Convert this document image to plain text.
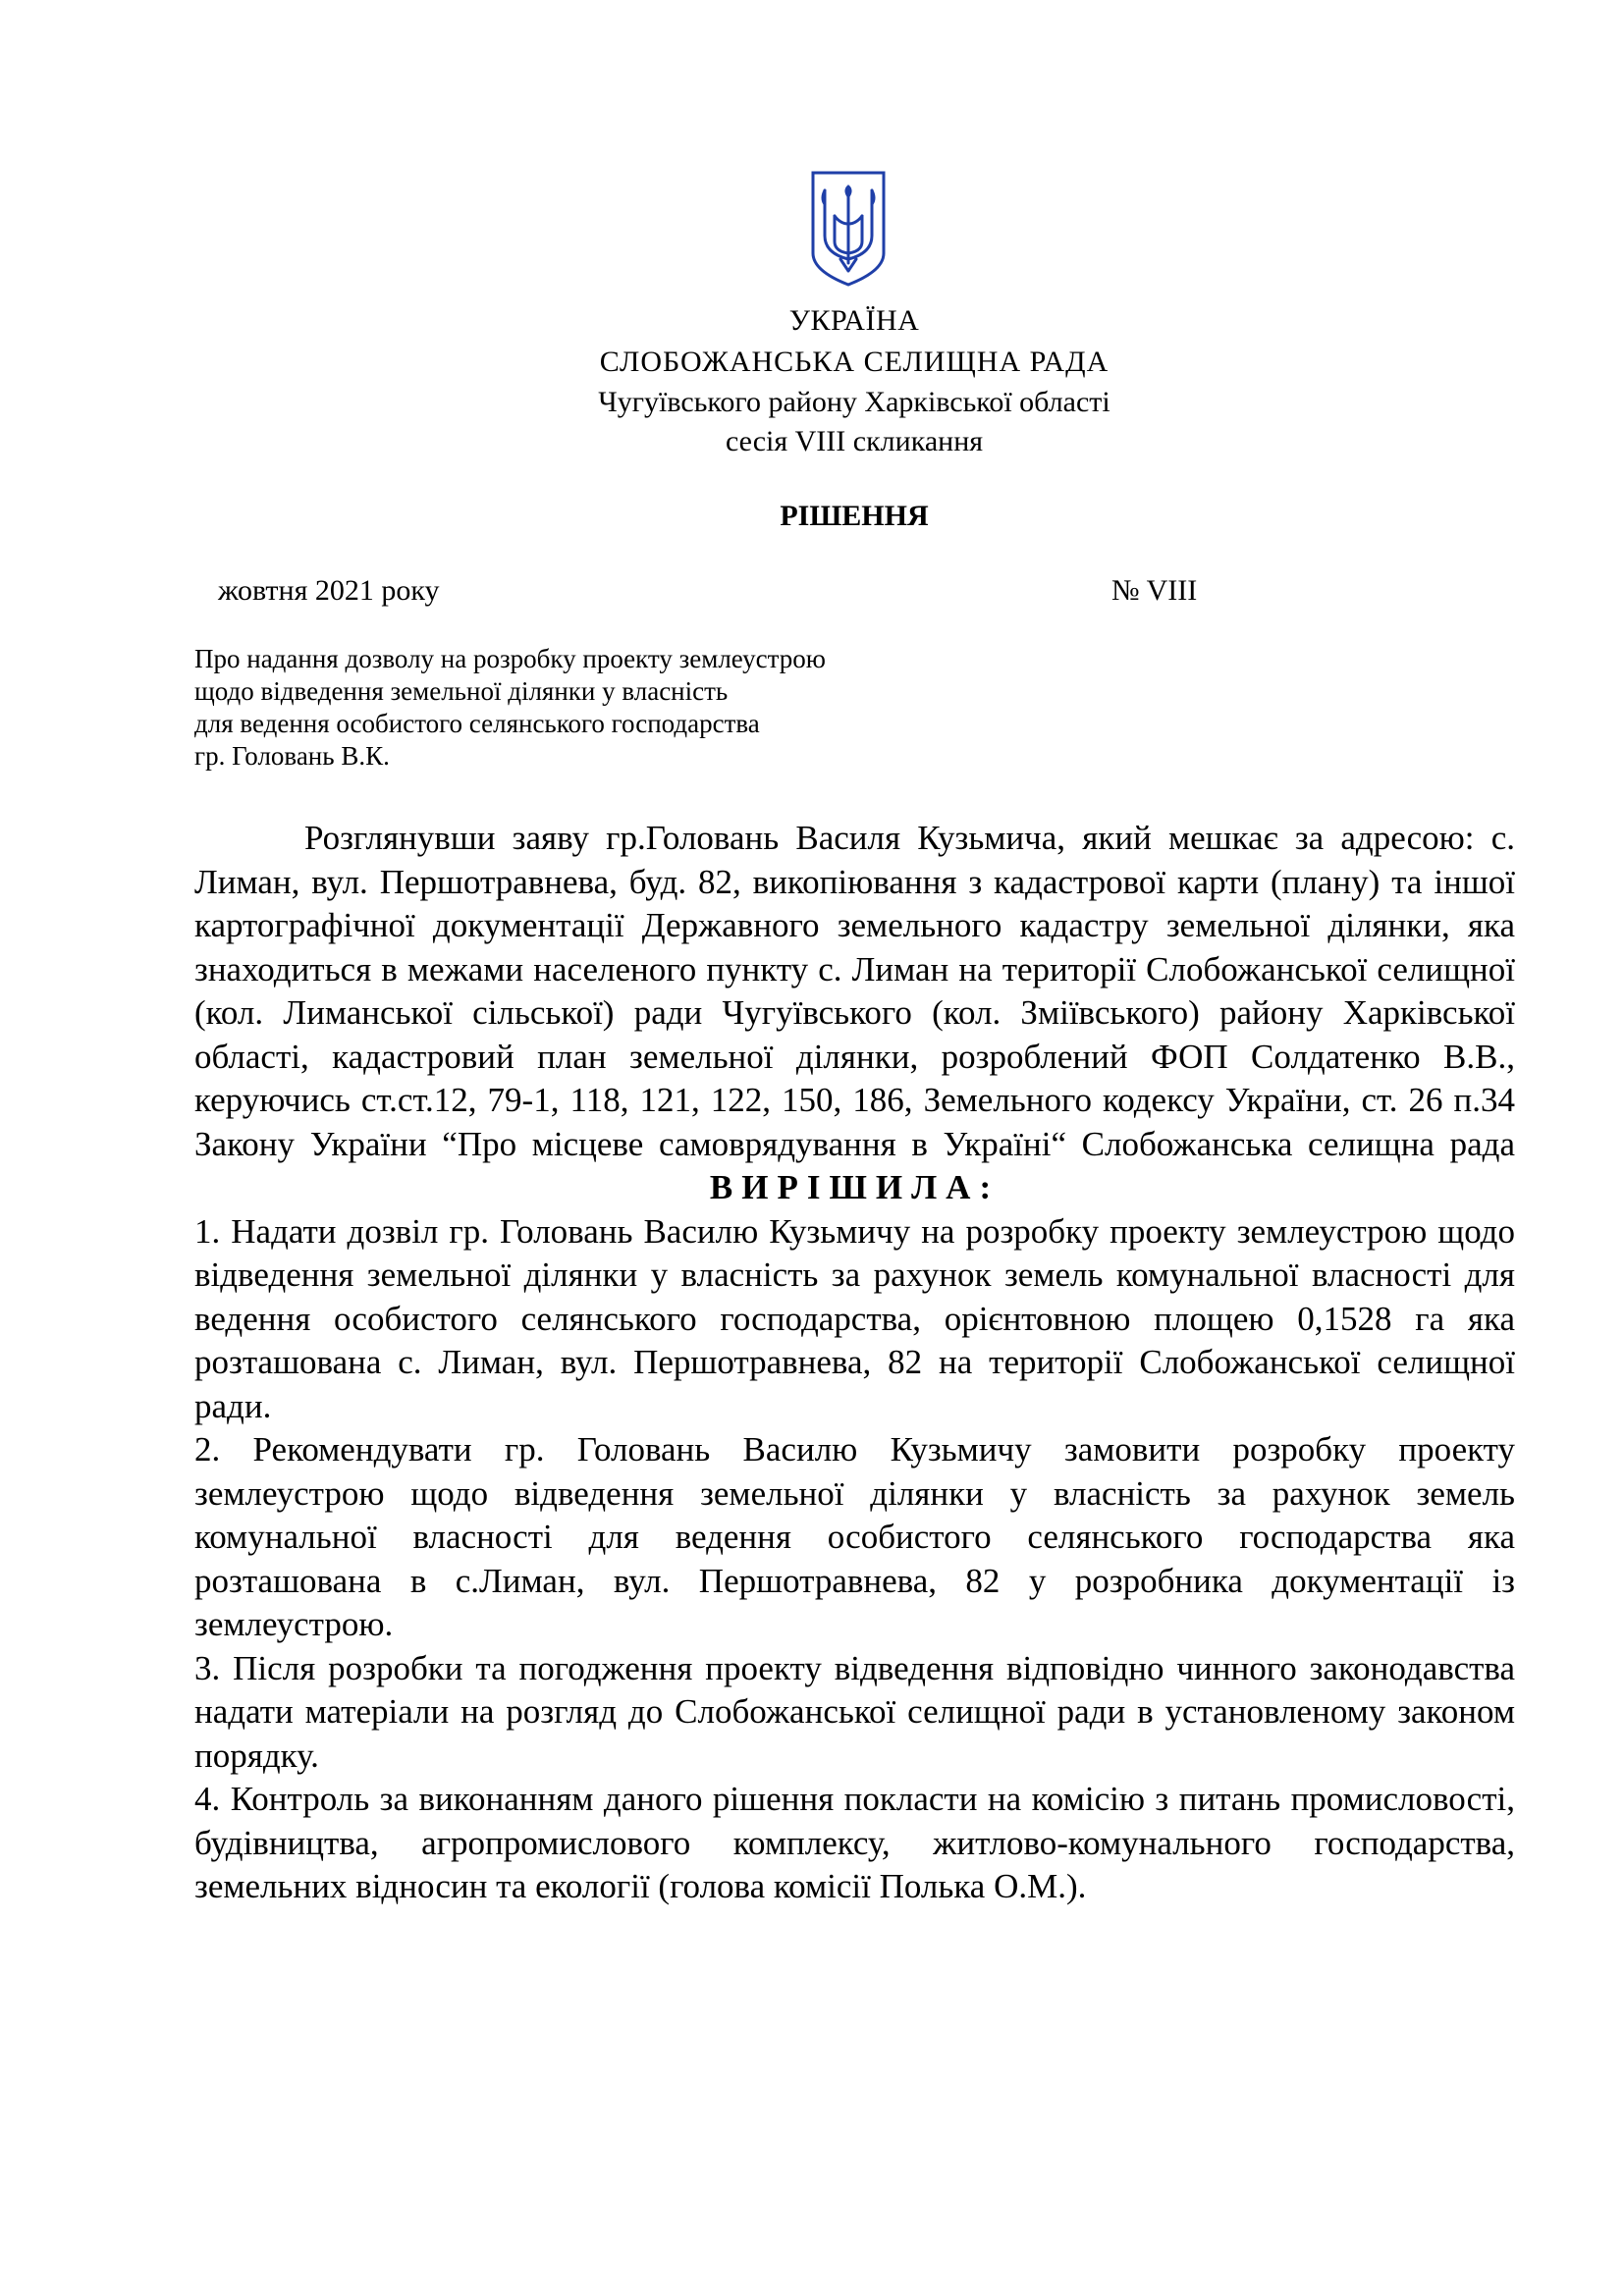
УКРАЇНА
СЛОБОЖАНСЬКА СЕЛИЩНА РАДА
Чугуївського району Харківської області
сесія VIII скликання
РІШЕННЯ
жовтня 2021 року	№ VIII
Про надання дозволу на розробку проекту землеустрою
щодо відведення земельної ділянки у власність
для ведення особистого селянського господарства
гр. Головань В.К.

Розглянувши заяву гр.Головань Василя Кузьмича, який мешкає за адресою: с. Лиман, вул. Першотравнева, буд. 82, викопіювання з кадастрової карти (плану) та іншої картографічної документації Державного земельного кадастру земельної ділянки, яка знаходиться в межами населеного пункту с. Лиман на території Слобожанської селищної (кол. Лиманської сільської) ради Чугуївського (кол. Зміївського) району Харківської області, кадастровий план земельної ділянки, розроблений ФОП Солдатенко В.В., керуючись ст.ст.12, 79-1, 118, 121, 122, 150, 186, Земельного кодексу України, ст. 26 п.34 Закону України “Про місцеве самоврядування в Україні“ Слобожанська селищна рада

ВИРІШИЛА:

1. Надати дозвіл гр. Головань Василю Кузьмичу на розробку проекту землеустрою щодо відведення земельної ділянки у власність за рахунок земель комунальної власності для ведення особистого селянського господарства, орієнтовною площею 0,1528 га яка розташована с. Лиман, вул. Першотравнева, 82 на території Слобожанської селищної ради.

2. Рекомендувати гр. Головань Василю Кузьмичу замовити розробку проекту землеустрою щодо відведення земельної ділянки у власність за рахунок земель комунальної власності для ведення особистого селянського господарства яка розташована в с.Лиман, вул. Першотравнева, 82 у розробника документації із землеустрою.

3. Після розробки та погодження проекту відведення відповідно чинного законодавства надати матеріали на розгляд до Слобожанської селищної ради в установленому законом порядку.

4. Контроль за виконанням даного рішення покласти на комісію з питань промисловості, будівництва, агропромислового комплексу, житлово-комунального господарства, земельних відносин та екології (голова комісії Полька О.М.).
